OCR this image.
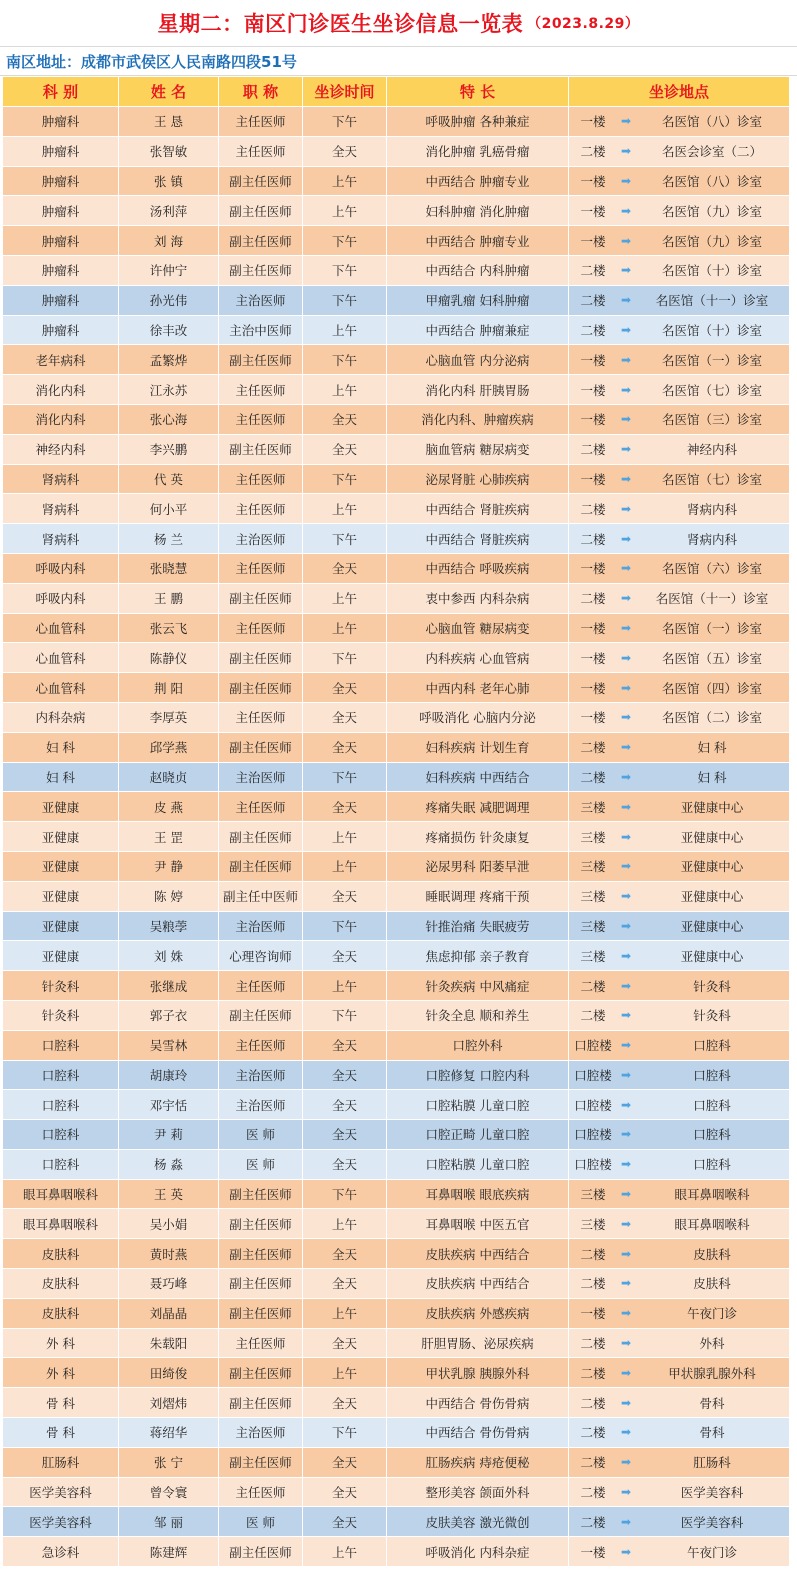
星期二：南区门诊医生坐诊信息一览表 （2023.8.29）
南区地址：成都市武侯区人民南路四段51号
科 别	姓 名	职 称	坐诊时间	特 长	坐诊地点
肿瘤科	王 恳	主任医师	下午	呼吸肿瘤 各种兼症	一楼 ➡ 名医馆（八）诊室

肿瘤科	张智敏	主任医师	全天	消化肿瘤 乳癌骨瘤	二楼 ➡ 名医会诊室（二）

肿瘤科	张 镇	副主任医师	上午	中西结合 肿瘤专业	一楼 ➡ 名医馆（八）诊室

肿瘤科	汤利萍	副主任医师	上午	妇科肿瘤 消化肿瘤	一楼 ➡ 名医馆（九）诊室

肿瘤科	刘 海	副主任医师	下午	中西结合 肿瘤专业	一楼 ➡ 名医馆（九）诊室

肿瘤科	许仲宁	副主任医师	下午	中西结合 内科肿瘤	二楼 ➡ 名医馆（十）诊室

肿瘤科	孙光伟	主治医师	下午	甲瘤乳瘤 妇科肿瘤	二楼 ➡ 名医馆（十一）诊室

肿瘤科	徐丰改	主治中医师	上午	中西结合 肿瘤兼症	二楼 ➡ 名医馆（十）诊室

老年病科	孟繁烨	副主任医师	下午	心脑血管 内分泌病	一楼 ➡ 名医馆（一）诊室

消化内科	江永苏	主任医师	上午	消化内科 肝胰胃肠	一楼 ➡ 名医馆（七）诊室

消化内科	张心海	主任医师	全天	消化内科、肿瘤疾病	一楼 ➡ 名医馆（三）诊室

神经内科	李兴鹏	副主任医师	全天	脑血管病 糖尿病变	二楼 ➡ 神经内科

肾病科	代 英	主任医师	下午	泌尿肾脏 心肺疾病	一楼 ➡ 名医馆（七）诊室

肾病科	何小平	主任医师	上午	中西结合 肾脏疾病	二楼 ➡ 肾病内科

肾病科	杨 兰	主治医师	下午	中西结合 肾脏疾病	二楼 ➡ 肾病内科

呼吸内科	张晓慧	主任医师	全天	中西结合 呼吸疾病	一楼 ➡ 名医馆（六）诊室

呼吸内科	王 鹏	副主任医师	上午	衷中参西 内科杂病	二楼 ➡ 名医馆（十一）诊室

心血管科	张云飞	主任医师	上午	心脑血管 糖尿病变	一楼 ➡ 名医馆（一）诊室

心血管科	陈静仪	副主任医师	下午	内科疾病 心血管病	一楼 ➡ 名医馆（五）诊室

心血管科	荆 阳	副主任医师	全天	中西内科 老年心肺	一楼 ➡ 名医馆（四）诊室

内科杂病	李厚英	主任医师	全天	呼吸消化 心脑内分泌	一楼 ➡ 名医馆（二）诊室

妇 科	邱学燕	副主任医师	全天	妇科疾病 计划生育	二楼 ➡ 妇 科

妇 科	赵晓贞	主治医师	下午	妇科疾病 中西结合	二楼 ➡ 妇 科

亚健康	皮 燕	主任医师	全天	疼痛失眠 减肥调理	三楼 ➡ 亚健康中心

亚健康	王 罡	副主任医师	上午	疼痛损伤 针灸康复	三楼 ➡ 亚健康中心

亚健康	尹 静	副主任医师	上午	泌尿男科 阳萎早泄	三楼 ➡ 亚健康中心

亚健康	陈 婷	副主任中医师	全天	睡眠调理 疼痛干预	三楼 ➡ 亚健康中心

亚健康	吴粮荸	主治医师	下午	针推治痛 失眠疲劳	三楼 ➡ 亚健康中心

亚健康	刘 姝	心理咨询师	全天	焦虑抑郁 亲子教育	三楼 ➡ 亚健康中心

针灸科	张继成	主任医师	上午	针灸疾病 中风痛症	二楼 ➡ 针灸科

针灸科	郭子衣	副主任医师	下午	针灸全息 顺和养生	二楼 ➡ 针灸科

口腔科	吴雪林	主任医师	全天	口腔外科	口腔楼 ➡ 口腔科

口腔科	胡康玲	主治医师	全天	口腔修复 口腔内科	口腔楼 ➡ 口腔科

口腔科	邓宇恬	主治医师	全天	口腔粘膜 儿童口腔	口腔楼 ➡ 口腔科

口腔科	尹 莉	医 师	全天	口腔正畸 儿童口腔	口腔楼 ➡ 口腔科

口腔科	杨 淼	医 师	全天	口腔粘膜 儿童口腔	口腔楼 ➡ 口腔科

眼耳鼻咽喉科	王 英	副主任医师	下午	耳鼻咽喉 眼底疾病	三楼 ➡ 眼耳鼻咽喉科

眼耳鼻咽喉科	吴小娟	副主任医师	上午	耳鼻咽喉 中医五官	三楼 ➡ 眼耳鼻咽喉科

皮肤科	黄时燕	副主任医师	全天	皮肤疾病 中西结合	二楼 ➡ 皮肤科

皮肤科	聂巧峰	副主任医师	全天	皮肤疾病 中西结合	二楼 ➡ 皮肤科

皮肤科	刘晶晶	副主任医师	上午	皮肤疾病 外感疾病	一楼 ➡ 午夜门诊

外 科	朱载阳	主任医师	全天	肝胆胃肠、泌尿疾病	二楼 ➡ 外科

外 科	田绮俊	副主任医师	上午	甲状乳腺 胰腺外科	二楼 ➡ 甲状腺乳腺外科

骨 科	刘熠炜	副主任医师	全天	中西结合 骨伤骨病	二楼 ➡ 骨科

骨 科	蒋绍华	主治医师	下午	中西结合 骨伤骨病	二楼 ➡ 骨科

肛肠科	张 宁	副主任医师	全天	肛肠疾病 痔疮便秘	二楼 ➡ 肛肠科

医学美容科	曾令寰	主任医师	全天	整形美容 颌面外科	二楼 ➡ 医学美容科

医学美容科	邹 丽	医 师	全天	皮肤美容 激光微创	二楼 ➡ 医学美容科

急诊科	陈建辉	副主任医师	上午	呼吸消化 内科杂症	一楼 ➡ 午夜门诊
